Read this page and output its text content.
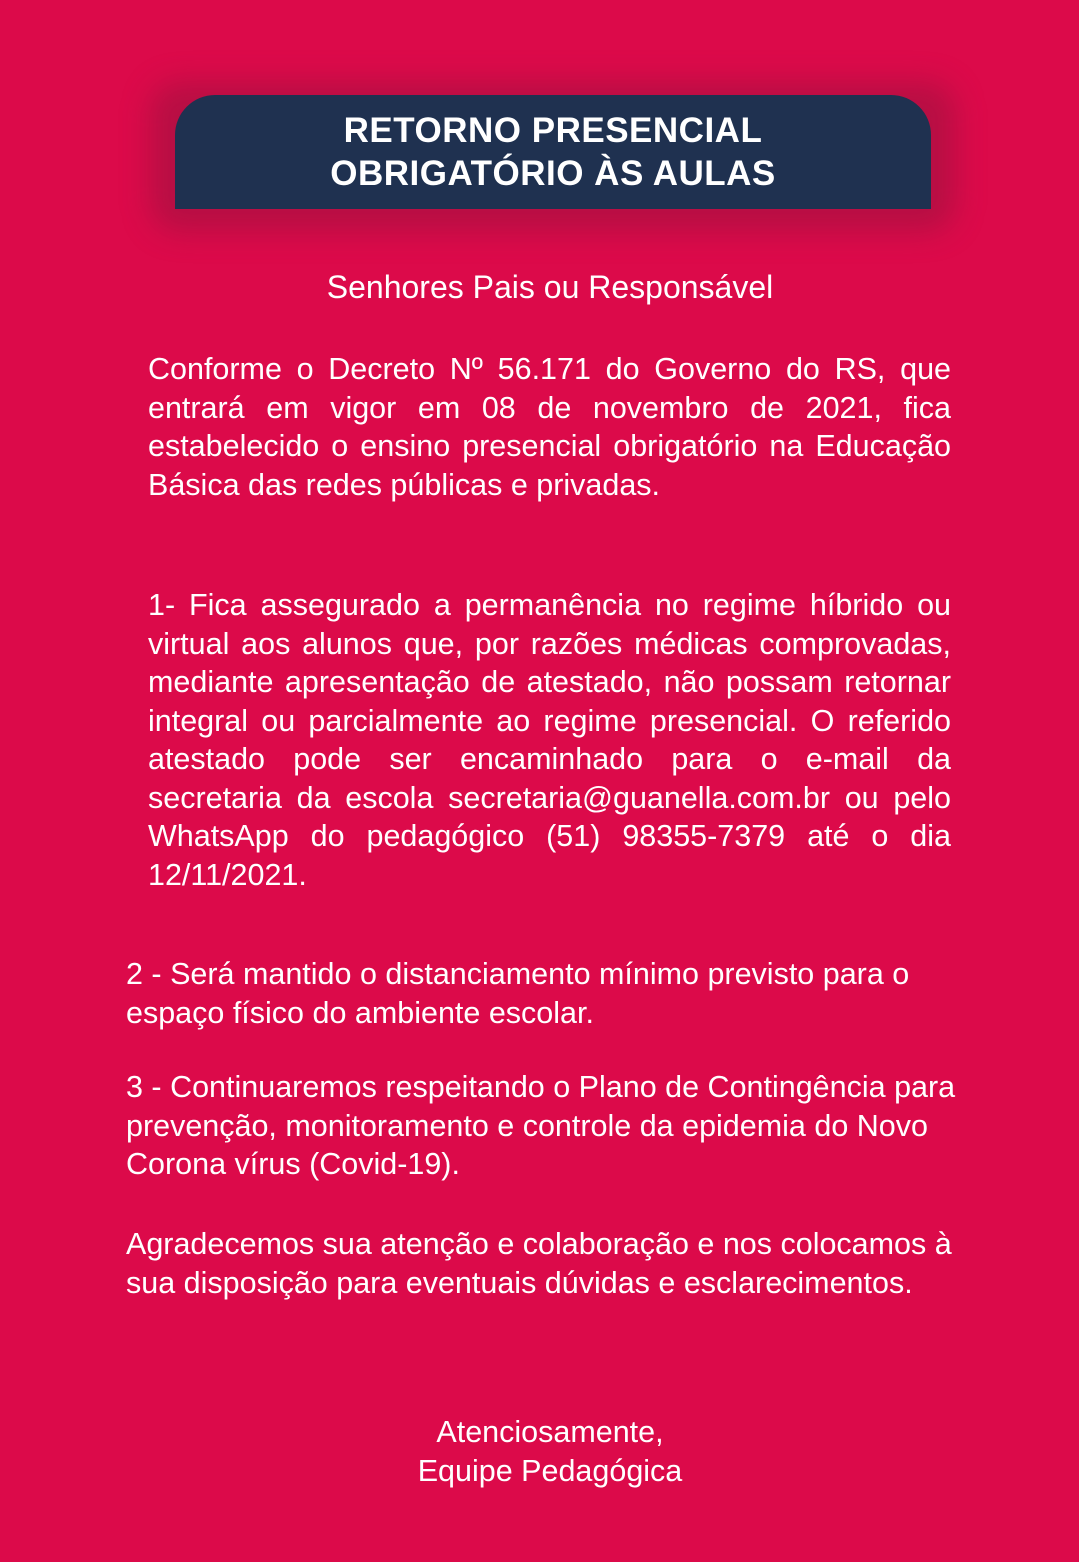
RETORNO PRESENCIAL
OBRIGATÓRIO ÀS AULAS
Senhores Pais ou Responsável

Conforme o Decreto Nº 56.171 do Governo do RS, que entrará em vigor em 08 de novembro de 2021, fica estabelecido o ensino presencial obrigatório na Educação Básica das redes públicas e privadas.

1- Fica assegurado a permanência no regime híbrido ou virtual aos alunos que, por razões médicas comprovadas, mediante apresentação de atestado, não possam retornar integral ou parcialmente ao regime presencial. O referido atestado pode ser encaminhado para o e-mail da secretaria da escola secretaria@guanella.com.br ou pelo WhatsApp do pedagógico (51) 98355-7379 até o dia 12/11/2021.

2 - Será mantido o distanciamento mínimo previsto para o espaço físico do ambiente escolar.

3 - Continuaremos respeitando o Plano de Contingência para prevenção, monitoramento e controle da epidemia do Novo Corona vírus (Covid-19).

Agradecemos sua atenção e colaboração e nos colocamos à sua disposição para eventuais dúvidas e esclarecimentos.

Atenciosamente,
Equipe Pedagógica
